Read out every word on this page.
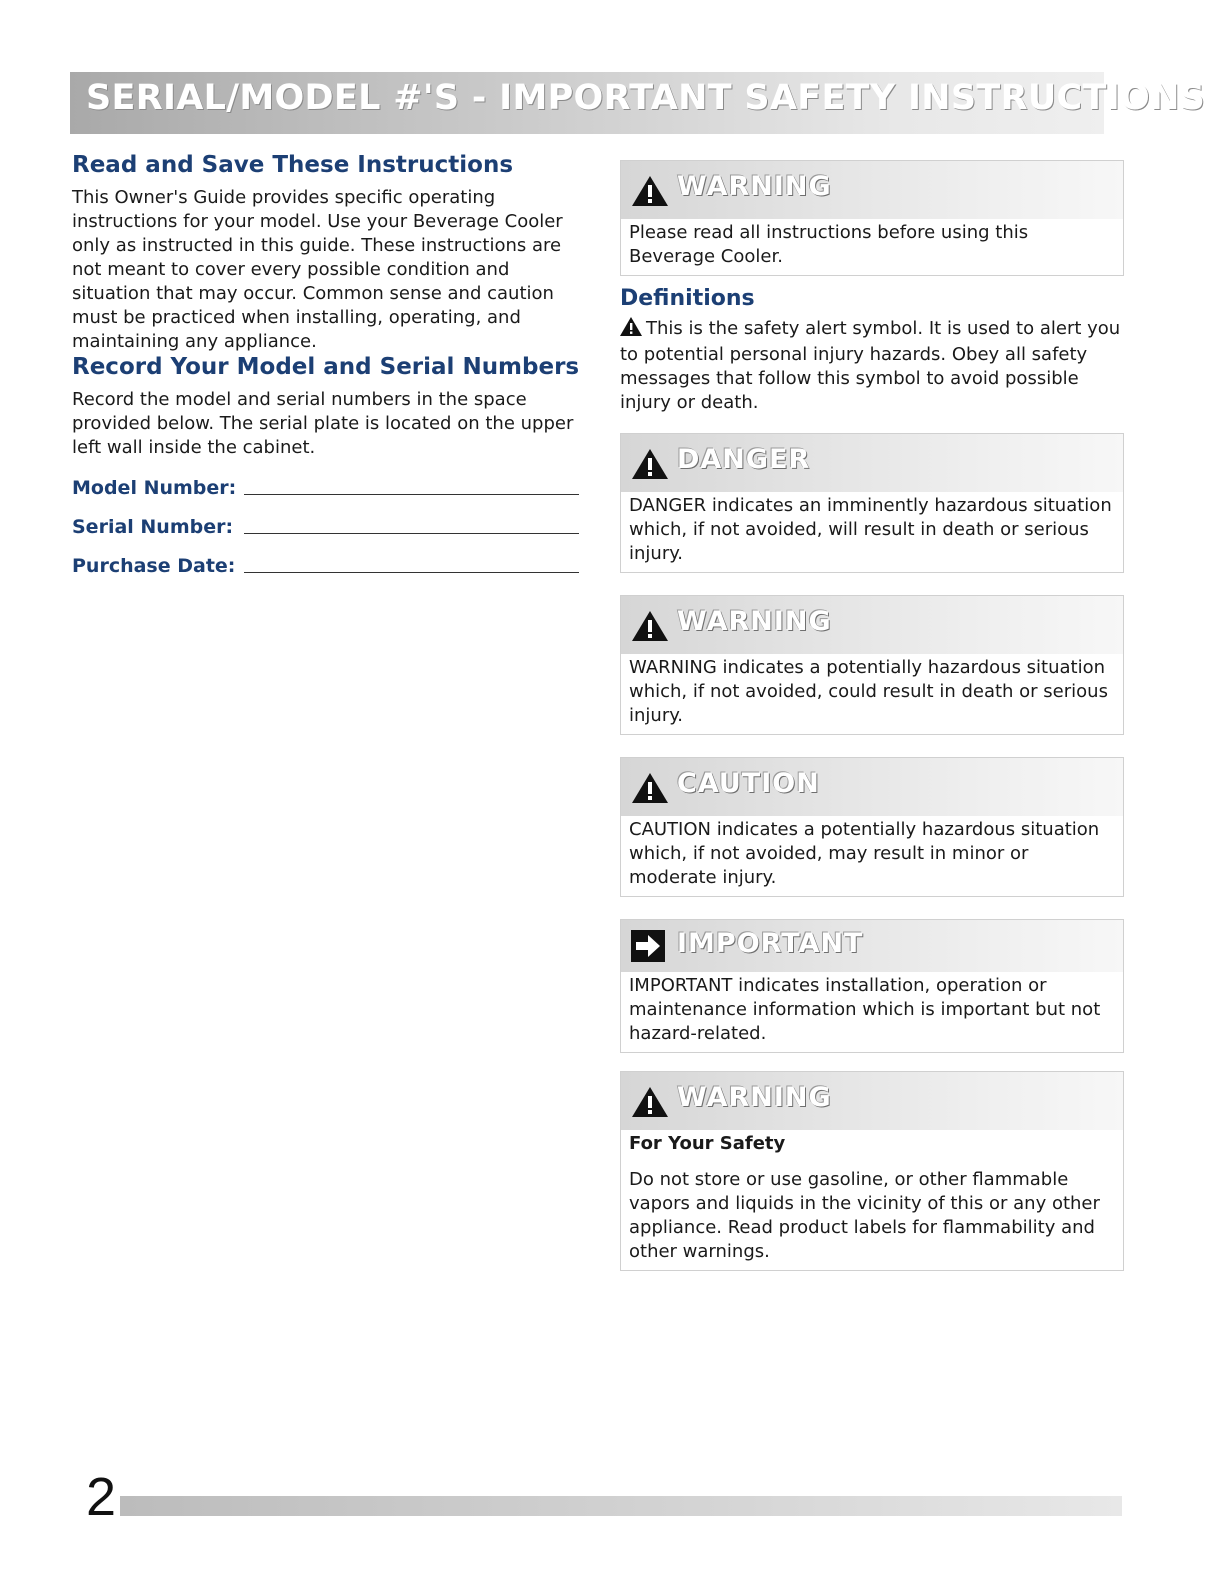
SERIAL/MODEL #'S - IMPORTANT SAFETY INSTRUCTIONS
Read and Save These Instructions

This Owner's Guide provides specific operating instructions for your model. Use your Beverage Cooler only as instructed in this guide. These instructions are not meant to cover every possible condition and situation that may occur. Common sense and caution must be practiced when installing, operating, and maintaining any appliance.

Record Your Model and Serial Numbers

Record the model and serial numbers in the space provided below. The serial plate is located on the upper left wall inside the cabinet.

Model Number:
Serial Number:
Purchase Date:
WARNING
Please read all instructions before using this Beverage Cooler.
Definitions

This is the safety alert symbol. It is used to alert you to potential personal injury hazards. Obey all safety messages that follow this symbol to avoid possible injury or death.

DANGER
DANGER indicates an imminently hazardous situation which, if not avoided, will result in death or serious injury.
WARNING
WARNING indicates a potentially hazardous situation which, if not avoided, could result in death or serious injury.
CAUTION
CAUTION indicates a potentially hazardous situation which, if not avoided, may result in minor or moderate injury.
IMPORTANT
IMPORTANT indicates installation, operation or maintenance information which is important but not hazard-related.
WARNING
For Your Safety
Do not store or use gasoline, or other flammable vapors and liquids in the vicinity of this or any other appliance. Read product labels for flammability and other warnings.
2
